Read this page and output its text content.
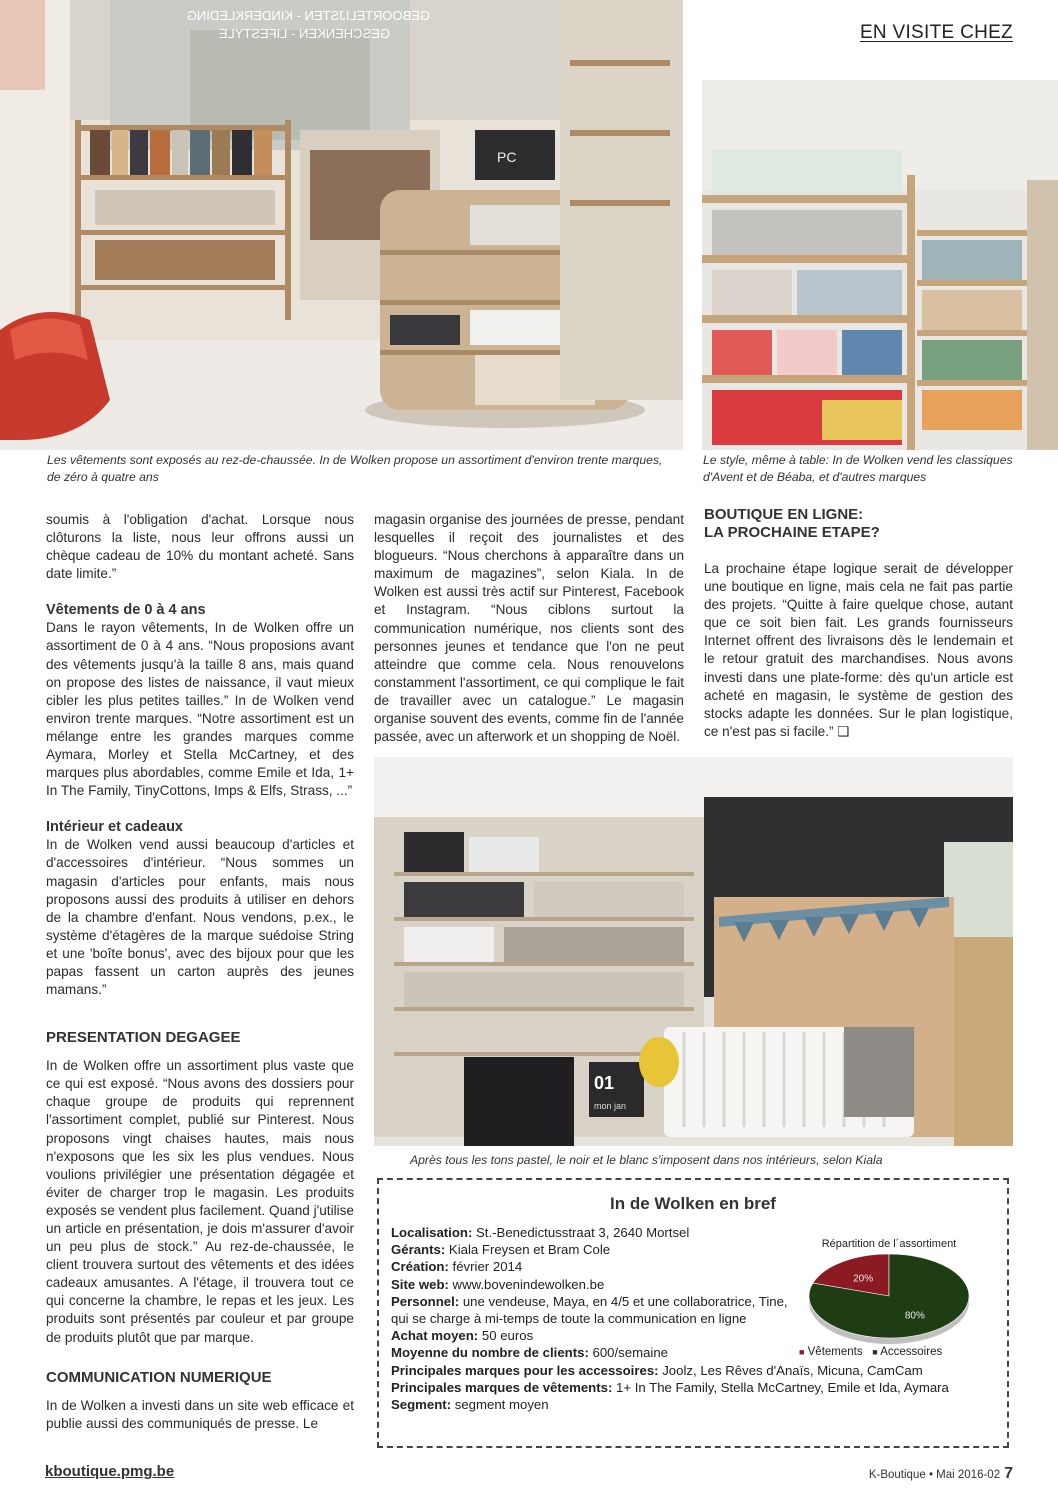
EN VISITE CHEZ
PC
GEBOORTELIJSTEN - KINDERKLEDING
GESCHENKEN - LIFESTYLE
Les vêtements sont exposés au rez-de-chaussée. In de Wolken propose un assortiment d'environ trente marques, de zéro à quatre ans
Le style, même à table: In de Wolken vend les classiques d'Avent et de Béaba, et d'autres marques

soumis à l'obligation d'achat. Lorsque nous clôturons la liste, nous leur offrons aussi un chèque cadeau de 10% du montant acheté. Sans date limite.”

Vêtements de 0 à 4 ans

Dans le rayon vêtements, In de Wolken offre un assortiment de 0 à 4 ans. “Nous proposions avant des vêtements jusqu'à la taille 8 ans, mais quand on propose des listes de naissance, il vaut mieux cibler les plus petites tailles.” In de Wolken vend environ trente marques. “Notre assortiment est un mélange entre les grandes marques comme Aymara, Morley et Stella McCartney, et des marques plus abordables, comme Emile et Ida, 1+ In The Family, TinyCottons, Imps & Elfs, Strass, ...”

Intérieur et cadeaux

In de Wolken vend aussi beaucoup d'articles et d'accessoires d'intérieur. “Nous sommes un magasin d'articles pour enfants, mais nous proposons aussi des produits à utiliser en dehors de la chambre d'enfant. Nous vendons, p.ex., le système d'étagères de la marque suédoise String et une 'boîte bonus', avec des bijoux pour que les papas fassent un carton auprès des jeunes mamans.”

PRESENTATION DEGAGEE

In de Wolken offre un assortiment plus vaste que ce qui est exposé. “Nous avons des dossiers pour chaque groupe de produits qui reprennent l'assortiment complet, publié sur Pinterest. Nous proposons vingt chaises hautes, mais nous n'exposons que les six les plus vendues. Nous voulions privilégier une présentation dégagée et éviter de charger trop le magasin. Les produits exposés se vendent plus facilement. Quand j'utilise un article en présentation, je dois m'assurer d'avoir un peu plus de stock.” Au rez-de-chaussée, le client trouvera surtout des vêtements et des idées cadeaux amusantes. A l'étage, il trouvera tout ce qui concerne la chambre, le repas et les jeux. Les produits sont présentés par couleur et par groupe de produits plutôt que par marque.

COMMUNICATION NUMERIQUE

In de Wolken a investi dans un site web efficace et publie aussi des communiqués de presse. Le

magasin organise des journées de presse, pendant lesquelles il reçoit des journalistes et des blogueurs. “Nous cherchons à apparaître dans un maximum de magazines”, selon Kiala. In de Wolken est aussi très actif sur Pinterest, Facebook et Instagram. “Nous ciblons surtout la communication numérique, nos clients sont des personnes jeunes et tendance que l'on ne peut atteindre que comme cela. Nous renouvelons constamment l'assortiment, ce qui complique le fait de travailler avec un catalogue.” Le magasin organise souvent des events, comme fin de l'année passée, avec un afterwork et un shopping de Noël.

BOUTIQUE EN LIGNE:
LA PROCHAINE ETAPE?

La prochaine étape logique serait de développer une boutique en ligne, mais cela ne fait pas partie des projets. “Quitte à faire quelque chose, autant que ce soit bien fait. Les grands fournisseurs Internet offrent des livraisons dès le lendemain et le retour gratuit des marchandises. Nous avons investi dans une plate-forme: dès qu'un article est acheté en magasin, le système de gestion des stocks adapte les données. Sur le plan logistique, ce n'est pas si facile.” ❑

01
mon jan
Après tous les tons pastel, le noir et le blanc s'imposent dans nos intérieurs, selon Kiala
In de Wolken en bref
Localisation: St.-Benedictusstraat 3, 2640 Mortsel
Gérants: Kiala Freysen et Bram Cole
Création: février 2014
Site web: www.bovenindewolken.be
Personnel: une vendeuse, Maya, en 4/5 et une collaboratrice, Tine, qui se charge à mi-temps de toute la communication en ligne
Achat moyen: 50 euros
Moyenne du nombre de clients: 600/semaine
Principales marques pour les accessoires: Joolz, Les Rêves d'Anaïs, Micuna, CamCam
Principales marques de vêtements: 1+ In The Family, Stella McCartney, Emile et Ida, Aymara
Segment: segment moyen
Répartition de l´assortiment
20%
80%
■ Vêtements ■ Accessoires
kboutique.pmg.be	K-Boutique • Mai 2016-02 7
